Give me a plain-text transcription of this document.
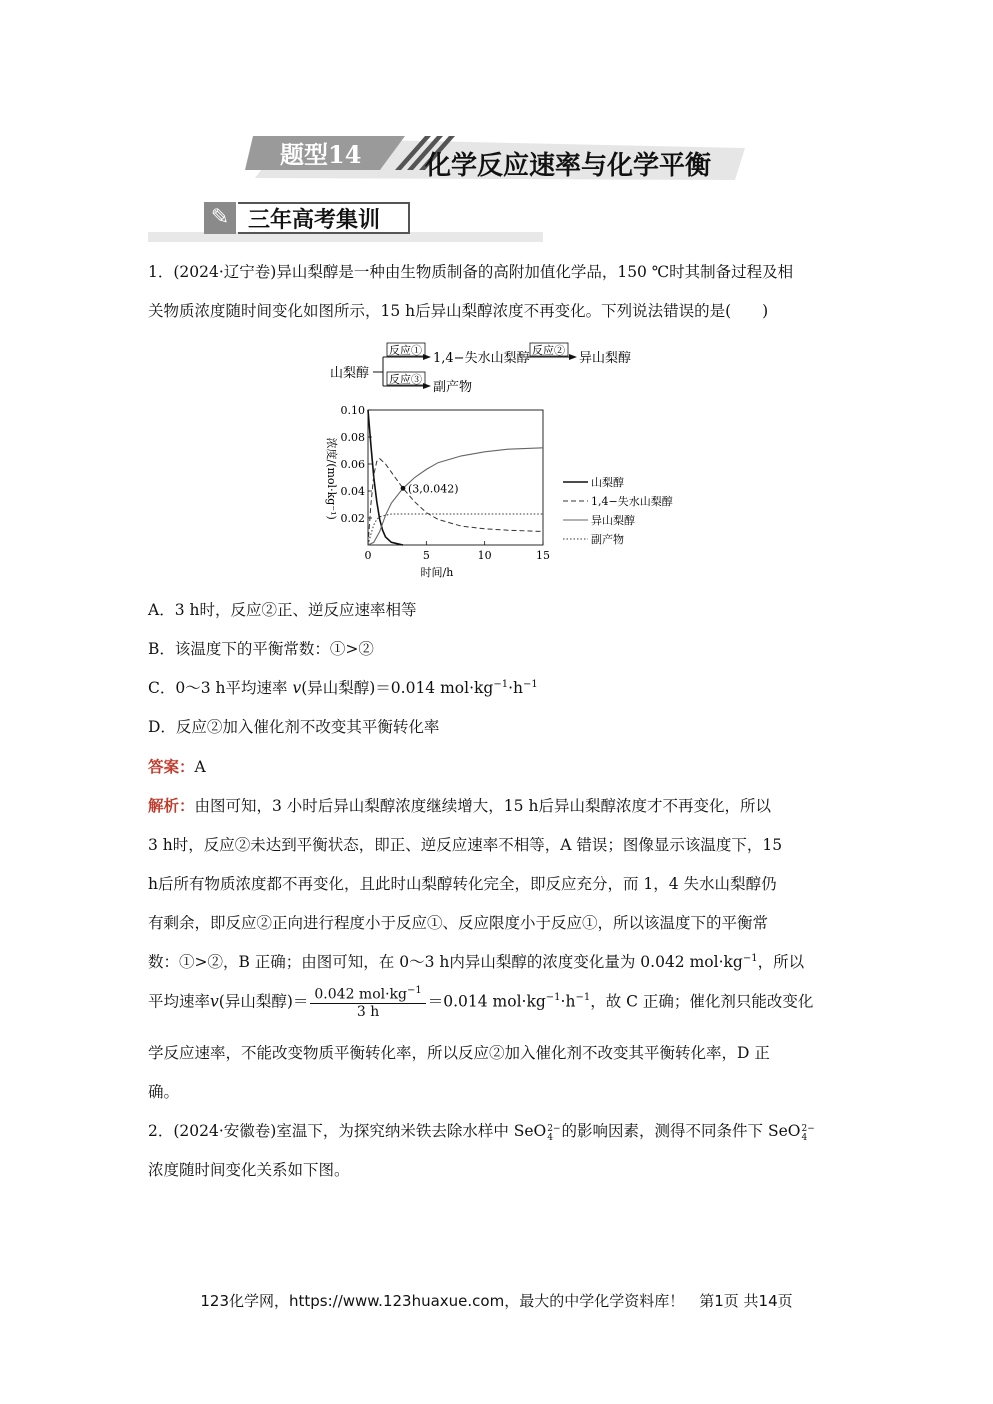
题型14 化学反应速率与化学平衡
✎ 三年高考集训
1．(2024·辽宁卷)异山梨醇是一种由生物质制备的高附加值化学品，150 ℃时其制备过程及相
关物质浓度随时间变化如图所示，15 h后异山梨醇浓度不再变化。下列说法错误的是(　　)
山梨醇
反应①
反应③
1,4−失水山梨醇
副产物
反应②
异山梨醇
0.02
0.04
0.06
0.08
0.10
0	5	10	15
时间/h
浓度/(mol·kg⁻¹)	山梨醇
1,4−失水山梨醇
异山梨醇
副产物
(3,0.042)
A．3 h时，反应②正、逆反应速率相等
B．该温度下的平衡常数：①>②
C．0～3 h平均速率 v(异山梨醇)＝0.014 $mol\cdot kg^{-1}\cdot h^{-1}$
D．反应②加入催化剂不改变其平衡转化率
答案：A
解析：由图可知，3 小时后异山梨醇浓度继续增大，15 h后异山梨醇浓度才不再变化，所以
3 h时，反应②未达到平衡状态，即正、逆反应速率不相等，A 错误；图像显示该温度下，15
h后所有物质浓度都不再变化，且此时山梨醇转化完全，即反应充分，而 1，4 失水山梨醇仍
有剩余，即反应②正向进行程度小于反应①、反应限度小于反应①，所以该温度下的平衡常
数：①>②，B 正确；由图可知，在 0～3 h内异山梨醇的浓度变化量为 0.042 $mol\cdot kg^{-1}$，所以
平均速率v(异山梨醇)＝ $\frac{0.042 mol\cdot kg^{-1}}{3 h} =0.014$ $mol\cdot kg^{-1}\cdot h^{-1}$，故 C 正确；催化剂只能改变化
学反应速率，不能改变物质平衡转化率，所以反应②加入催化剂不改变其平衡转化率，D 正
确。
2．(2024·安徽卷)室温下，为探究纳米铁去除水样中 SeO2−
4 的影响因素，测得不同条件下 SeO2−
4
浓度随时间变化关系如下图。
123化学网，https://www.123huaxue.com，最大的中学化学资料库！　 第1页 共14页
